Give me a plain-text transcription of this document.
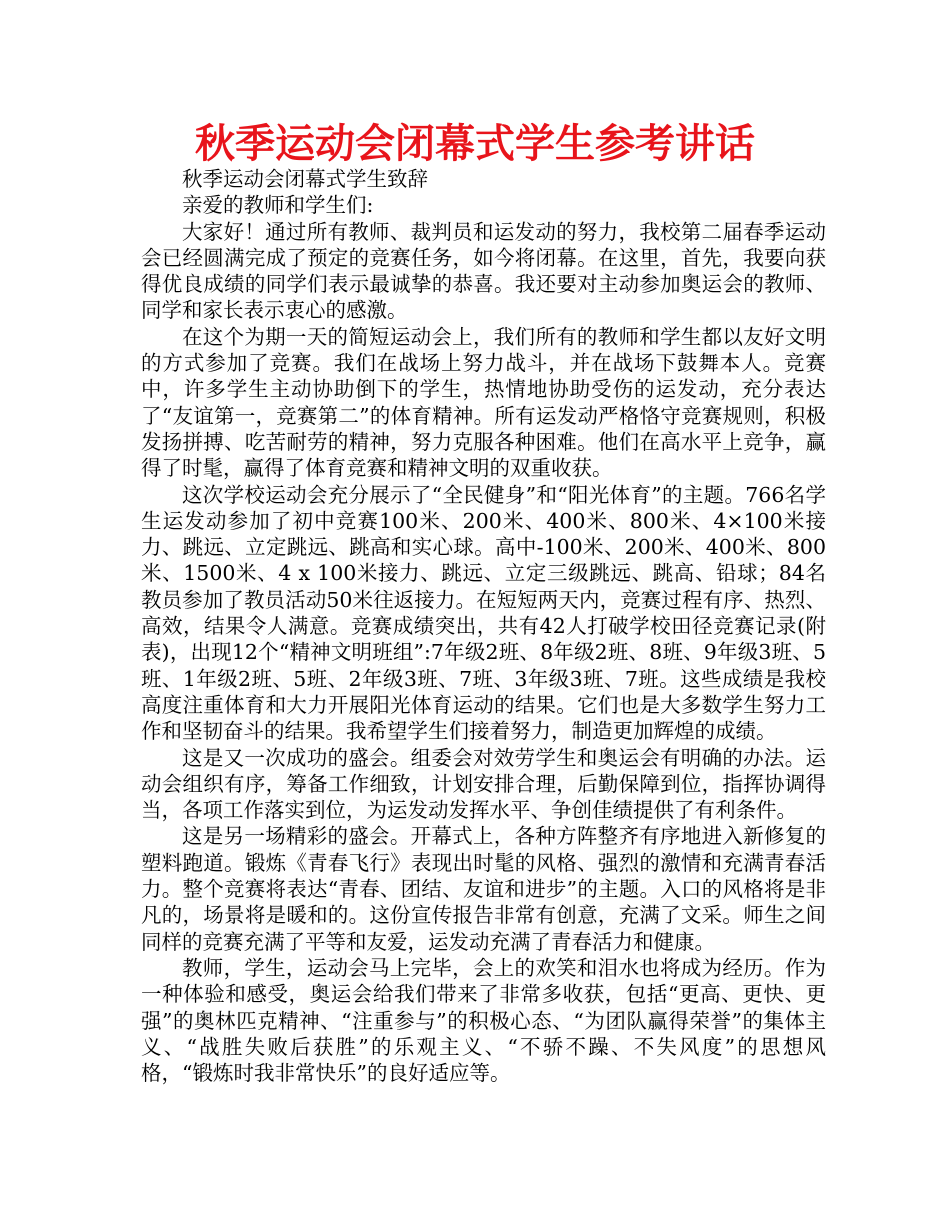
秋季运动会闭幕式学生参考讲话

秋季运动会闭幕式学生致辞

亲爱的教师和学生们:

大家好！通过所有教师、裁判员和运发动的努力，我校第二届春季运动会已经圆满完成了预定的竞赛任务，如今将闭幕。在这里，首先，我要向获得优良成绩的同学们表示最诚挚的恭喜。我还要对主动参加奥运会的教师、同学和家长表示衷心的感激。

在这个为期一天的简短运动会上，我们所有的教师和学生都以友好文明的方式参加了竞赛。我们在战场上努力战斗，并在战场下鼓舞本人。竞赛中，许多学生主动协助倒下的学生，热情地协助受伤的运发动，充分表达了“友谊第一，竞赛第二”的体育精神。所有运发动严格恪守竞赛规则，积极发扬拼搏、吃苦耐劳的精神，努力克服各种困难。他们在高水平上竞争，赢得了时髦，赢得了体育竞赛和精神文明的双重收获。

这次学校运动会充分展示了“全民健身”和“阳光体育”的主题。766名学生运发动参加了初中竞赛100米、200米、400米、800米、4×100米接力、跳远、立定跳远、跳高和实心球。高中-100米、200米、400米、800米、1500米、4 x 100米接力、跳远、立定三级跳远、跳高、铅球；84名教员参加了教员活动50米往返接力。在短短两天内，竞赛过程有序、热烈、高效，结果令人满意。竞赛成绩突出，共有42人打破学校田径竞赛记录(附表)，出现12个“精神文明班组”:7年级2班、8年级2班、8班、9年级3班、5班、1年级2班、5班、2年级3班、7班、3年级3班、7班。这些成绩是我校高度注重体育和大力开展阳光体育运动的结果。它们也是大多数学生努力工作和坚韧奋斗的结果。我希望学生们接着努力，制造更加辉煌的成绩。

这是又一次成功的盛会。组委会对效劳学生和奥运会有明确的办法。运动会组织有序，筹备工作细致，计划安排合理，后勤保障到位，指挥协调得当，各项工作落实到位，为运发动发挥水平、争创佳绩提供了有利条件。

这是另一场精彩的盛会。开幕式上，各种方阵整齐有序地进入新修复的塑料跑道。锻炼《青春飞行》表现出时髦的风格、强烈的激情和充满青春活力。整个竞赛将表达“青春、团结、友谊和进步”的主题。入口的风格将是非凡的，场景将是暖和的。这份宣传报告非常有创意，充满了文采。师生之间同样的竞赛充满了平等和友爱，运发动充满了青春活力和健康。

教师，学生，运动会马上完毕，会上的欢笑和泪水也将成为经历。作为一种体验和感受，奥运会给我们带来了非常多收获，包括“更高、更快、更强”的奥林匹克精神、“注重参与”的积极心态、“为团队赢得荣誉”的集体主义、“战胜失败后获胜”的乐观主义、“不骄不躁、不失风度”的思想风格，“锻炼时我非常快乐”的良好适应等。
